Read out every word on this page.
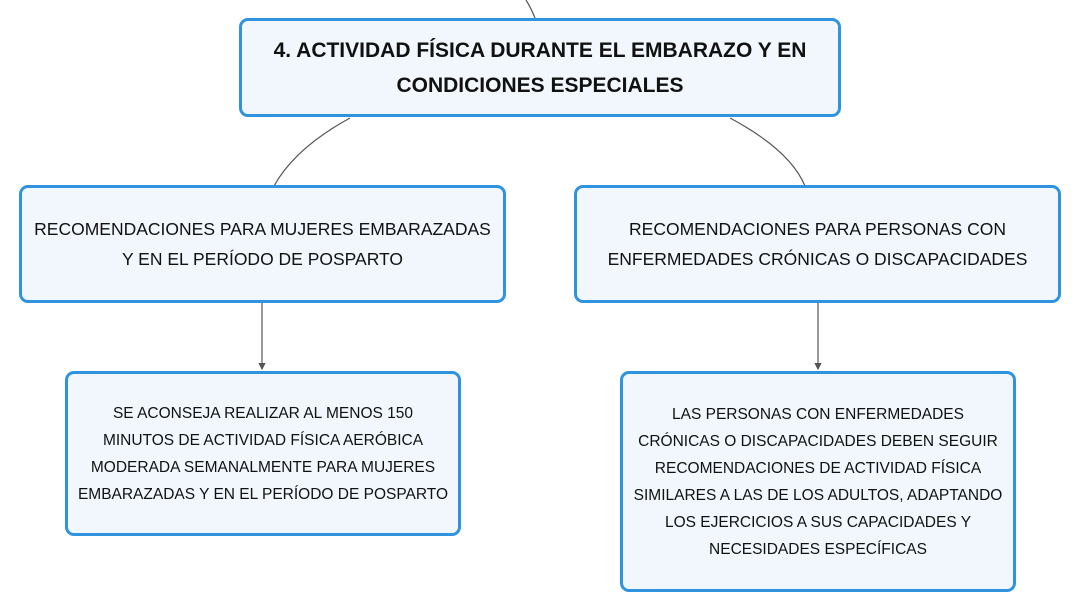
4. ACTIVIDAD FÍSICA DURANTE EL EMBARAZO Y EN CONDICIONES ESPECIALES
RECOMENDACIONES PARA MUJERES EMBARAZADAS Y EN EL PERÍODO DE POSPARTO
RECOMENDACIONES PARA PERSONAS CON ENFERMEDADES CRÓNICAS O DISCAPACIDADES
SE ACONSEJA REALIZAR AL MENOS 150 MINUTOS DE ACTIVIDAD FÍSICA AERÓBICA MODERADA SEMANALMENTE PARA MUJERES EMBARAZADAS Y EN EL PERÍODO DE POSPARTO
LAS PERSONAS CON ENFERMEDADES CRÓNICAS O DISCAPACIDADES DEBEN SEGUIR RECOMENDACIONES DE ACTIVIDAD FÍSICA SIMILARES A LAS DE LOS ADULTOS, ADAPTANDO LOS EJERCICIOS A SUS CAPACIDADES Y NECESIDADES ESPECÍFICAS
